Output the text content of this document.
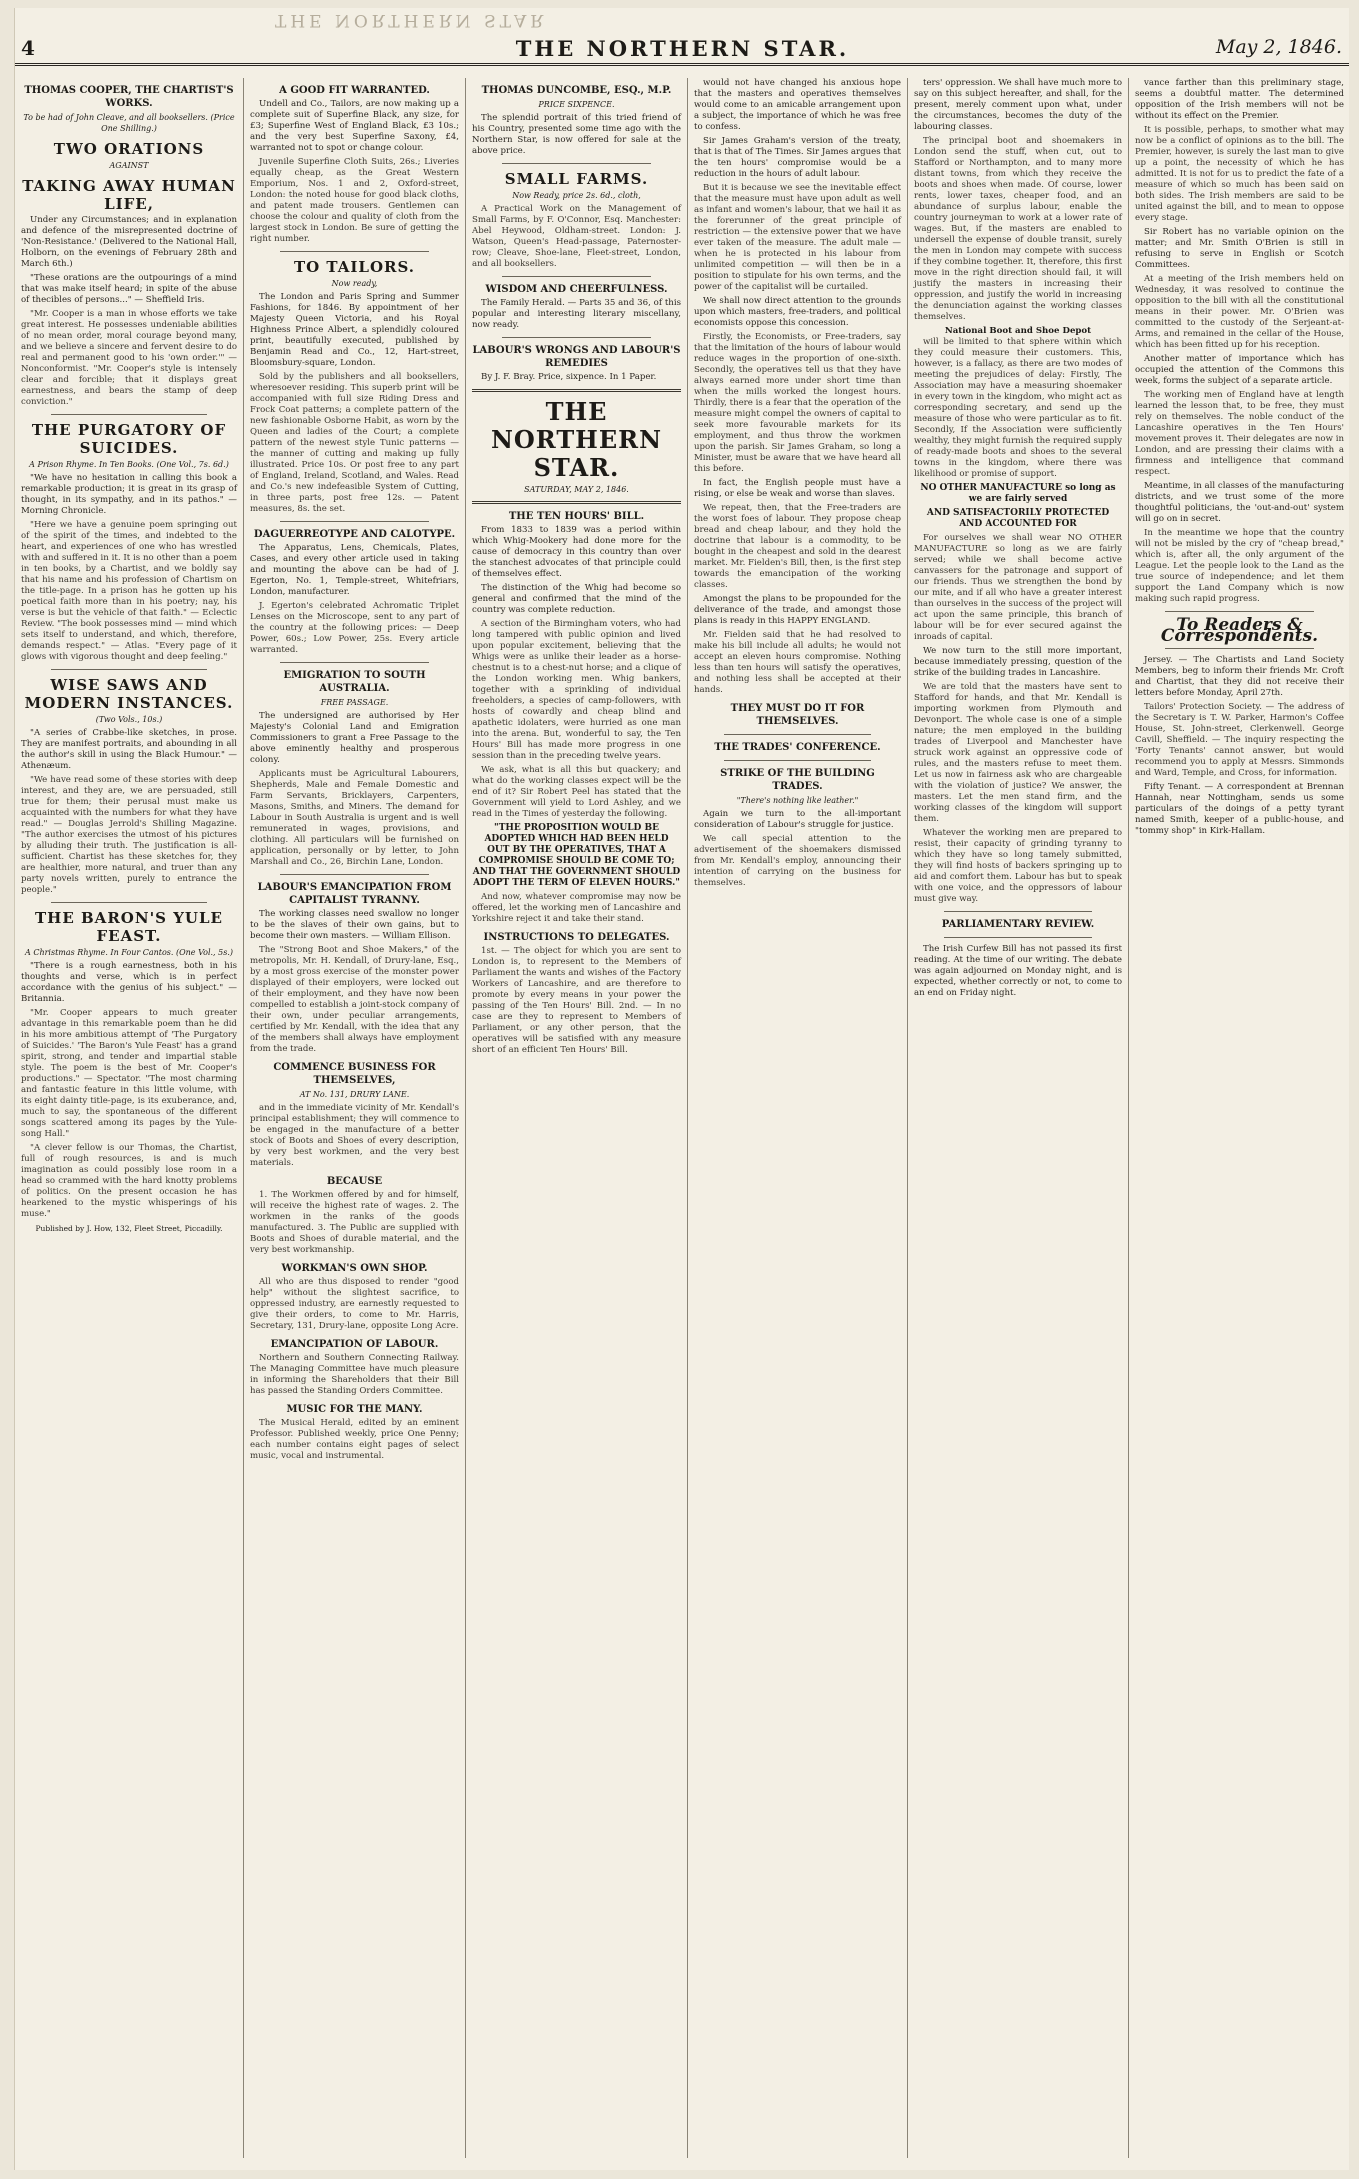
THE NORTHERN STAR
4	THE NORTHERN STAR.	May 2, 1846.
THOMAS COOPER, THE CHARTIST'S WORKS.
To be had of John Cleave, and all booksellers. (Price One Shilling.)
TWO ORATIONS
AGAINST
TAKING AWAY HUMAN LIFE,

Under any Circumstances; and in explanation and defence of the misrepresented doctrine of 'Non-Resistance.' (Delivered to the National Hall, Holborn, on the evenings of February 28th and March 6th.)

"These orations are the outpourings of a mind that was make itself heard; in spite of the abuse of thecibles of persons..." — Sheffield Iris.

"Mr. Cooper is a man in whose efforts we take great interest. He possesses undeniable abilities of no mean order, moral courage beyond many, and we believe a sincere and fervent desire to do real and permanent good to his 'own order.'" — Nonconformist. "Mr. Cooper's style is intensely clear and forcible; that it displays great earnestness, and bears the stamp of deep conviction."

THE PURGATORY OF SUICIDES.
A Prison Rhyme. In Ten Books. (One Vol., 7s. 6d.)

"We have no hesitation in calling this book a remarkable production; it is great in its grasp of thought, in its sympathy, and in its pathos." — Morning Chronicle.

"Here we have a genuine poem springing out of the spirit of the times, and indebted to the heart, and experiences of one who has wrestled with and suffered in it. It is no other than a poem in ten books, by a Chartist, and we boldly say that his name and his profession of Chartism on the title-page. In a prison has he gotten up his poetical faith more than in his poetry; nay, his verse is but the vehicle of that faith." — Eclectic Review. "The book possesses mind — mind which sets itself to understand, and which, therefore, demands respect." — Atlas. "Every page of it glows with vigorous thought and deep feeling."

WISE SAWS AND MODERN INSTANCES.
(Two Vols., 10s.)

"A series of Crabbe-like sketches, in prose. They are manifest portraits, and abounding in all the author's skill in using the Black Humour." — Athenæum.

"We have read some of these stories with deep interest, and they are, we are persuaded, still true for them; their perusal must make us acquainted with the numbers for what they have read." — Douglas Jerrold's Shilling Magazine. "The author exercises the utmost of his pictures by alluding their truth. The justification is all-sufficient. Chartist has these sketches for, they are healthier, more natural, and truer than any party novels written, purely to entrance the people."

THE BARON'S YULE FEAST.
A Christmas Rhyme. In Four Cantos. (One Vol., 5s.)

"There is a rough earnestness, both in his thoughts and verse, which is in perfect accordance with the genius of his subject." — Britannia.

"Mr. Cooper appears to much greater advantage in this remarkable poem than he did in his more ambitious attempt of 'The Purgatory of Suicides.' 'The Baron's Yule Feast' has a grand spirit, strong, and tender and impartial stable style. The poem is the best of Mr. Cooper's productions." — Spectator. "The most charming and fantastic feature in this little volume, with its eight dainty title-page, is its exuberance, and, much to say, the spontaneous of the different songs scattered among its pages by the Yule-song Hall."

"A clever fellow is our Thomas, the Chartist, full of rough resources, is and is much imagination as could possibly lose room in a head so crammed with the hard knotty problems of politics. On the present occasion he has hearkened to the mystic whisperings of his muse."

Published by J. How, 132, Fleet Street, Piccadilly.
A GOOD FIT WARRANTED.

Undell and Co., Tailors, are now making up a complete suit of Superfine Black, any size, for £3; Superfine West of England Black, £3 10s.; and the very best Superfine Saxony, £4, warranted not to spot or change colour.

Juvenile Superfine Cloth Suits, 26s.; Liveries equally cheap, as the Great Western Emporium, Nos. 1 and 2, Oxford-street, London: the noted house for good black cloths, and patent made trousers. Gentlemen can choose the colour and quality of cloth from the largest stock in London. Be sure of getting the right number.

TO TAILORS.
Now ready,

The London and Paris Spring and Summer Fashions, for 1846. By appointment of her Majesty Queen Victoria, and his Royal Highness Prince Albert, a splendidly coloured print, beautifully executed, published by Benjamin Read and Co., 12, Hart-street, Bloomsbury-square, London.

Sold by the publishers and all booksellers, wheresoever residing. This superb print will be accompanied with full size Riding Dress and Frock Coat patterns; a complete pattern of the new fashionable Osborne Habit, as worn by the Queen and ladies of the Court; a complete pattern of the newest style Tunic patterns — the manner of cutting and making up fully illustrated. Price 10s. Or post free to any part of England, Ireland, Scotland, and Wales. Read and Co.'s new indefeasible System of Cutting, in three parts, post free 12s. — Patent measures, 8s. the set.

DAGUERREOTYPE AND CALOTYPE.

The Apparatus, Lens, Chemicals, Plates, Cases, and every other article used in taking and mounting the above can be had of J. Egerton, No. 1, Temple-street, Whitefriars, London, manufacturer.

J. Egerton's celebrated Achromatic Triplet Lenses on the Microscope, sent to any part of the country at the following prices: — Deep Power, 60s.; Low Power, 25s. Every article warranted.

EMIGRATION TO SOUTH AUSTRALIA.
FREE PASSAGE.

The undersigned are authorised by Her Majesty's Colonial Land and Emigration Commissioners to grant a Free Passage to the above eminently healthy and prosperous colony.

Applicants must be Agricultural Labourers, Shepherds, Male and Female Domestic and Farm Servants, Bricklayers, Carpenters, Masons, Smiths, and Miners. The demand for Labour in South Australia is urgent and is well remunerated in wages, provisions, and clothing. All particulars will be furnished on application, personally or by letter, to John Marshall and Co., 26, Birchin Lane, London.

LABOUR'S EMANCIPATION FROM CAPITALIST TYRANNY.

The working classes need swallow no longer to be the slaves of their own gains, but to become their own masters. — William Ellison.

The "Strong Boot and Shoe Makers," of the metropolis, Mr. H. Kendall, of Drury-lane, Esq., by a most gross exercise of the monster power displayed of their employers, were locked out of their employment, and they have now been compelled to establish a joint-stock company of their own, under peculiar arrangements, certified by Mr. Kendall, with the idea that any of the members shall always have employment from the trade.

COMMENCE BUSINESS FOR THEMSELVES,
AT No. 131, DRURY LANE.

and in the immediate vicinity of Mr. Kendall's principal establishment; they will commence to be engaged in the manufacture of a better stock of Boots and Shoes of every description, by very best workmen, and the very best materials.

BECAUSE

1. The Workmen offered by and for himself, will receive the highest rate of wages. 2. The workmen in the ranks of the goods manufactured. 3. The Public are supplied with Boots and Shoes of durable material, and the very best workmanship.

WORKMAN'S OWN SHOP.

All who are thus disposed to render "good help" without the slightest sacrifice, to oppressed industry, are earnestly requested to give their orders, to come to Mr. Harris, Secretary, 131, Drury-lane, opposite Long Acre.

EMANCIPATION OF LABOUR.

Northern and Southern Connecting Railway. The Managing Committee have much pleasure in informing the Shareholders that their Bill has passed the Standing Orders Committee.

MUSIC FOR THE MANY.

The Musical Herald, edited by an eminent Professor. Published weekly, price One Penny; each number contains eight pages of select music, vocal and instrumental.

THOMAS DUNCOMBE, ESQ., M.P.
PRICE SIXPENCE.

The splendid portrait of this tried friend of his Country, presented some time ago with the Northern Star, is now offered for sale at the above price.

SMALL FARMS.
Now Ready, price 2s. 6d., cloth,

A Practical Work on the Management of Small Farms, by F. O'Connor, Esq. Manchester: Abel Heywood, Oldham-street. London: J. Watson, Queen's Head-passage, Paternoster-row; Cleave, Shoe-lane, Fleet-street, London, and all booksellers.

WISDOM AND CHEERFULNESS.

The Family Herald. — Parts 35 and 36, of this popular and interesting literary miscellany, now ready.

LABOUR'S WRONGS AND LABOUR'S REMEDIES

By J. F. Bray. Price, sixpence. In 1 Paper.

THE NORTHERN STAR.
SATURDAY, MAY 2, 1846.
THE TEN HOURS' BILL.

From 1833 to 1839 was a period within which Whig-Mookery had done more for the cause of democracy in this country than over the stanchest advocates of that principle could of themselves effect.

The distinction of the Whig had become so general and confirmed that the mind of the country was complete reduction.

A section of the Birmingham voters, who had long tampered with public opinion and lived upon popular excitement, believing that the Whigs were as unlike their leader as a horse-chestnut is to a chest-nut horse; and a clique of the London working men. Whig bankers, together with a sprinkling of individual freeholders, a species of camp-followers, with hosts of cowardly and cheap blind and apathetic idolaters, were hurried as one man into the arena. But, wonderful to say, the Ten Hours' Bill has made more progress in one session than in the preceding twelve years.

We ask, what is all this but quackery; and what do the working classes expect will be the end of it? Sir Robert Peel has stated that the Government will yield to Lord Ashley, and we read in the Times of yesterday the following.

"THE PROPOSITION WOULD BE ADOPTED WHICH HAD BEEN HELD OUT BY THE OPERATIVES, THAT A COMPROMISE SHOULD BE COME TO; AND THAT THE GOVERNMENT SHOULD ADOPT THE TERM OF ELEVEN HOURS."

And now, whatever compromise may now be offered, let the working men of Lancashire and Yorkshire reject it and take their stand.

INSTRUCTIONS TO DELEGATES.

1st. — The object for which you are sent to London is, to represent to the Members of Parliament the wants and wishes of the Factory Workers of Lancashire, and are therefore to promote by every means in your power the passing of the Ten Hours' Bill. 2nd. — In no case are they to represent to Members of Parliament, or any other person, that the operatives will be satisfied with any measure short of an efficient Ten Hours' Bill.

would not have changed his anxious hope that the masters and operatives themselves would come to an amicable arrangement upon a subject, the importance of which he was free to confess.

Sir James Graham's version of the treaty, that is that of The Times. Sir James argues that the ten hours' compromise would be a reduction in the hours of adult labour.

But it is because we see the inevitable effect that the measure must have upon adult as well as infant and women's labour, that we hail it as the forerunner of the great principle of restriction — the extensive power that we have ever taken of the measure. The adult male — when he is protected in his labour from unlimited competition — will then be in a position to stipulate for his own terms, and the power of the capitalist will be curtailed.

We shall now direct attention to the grounds upon which masters, free-traders, and political economists oppose this concession.

Firstly, the Economists, or Free-traders, say that the limitation of the hours of labour would reduce wages in the proportion of one-sixth. Secondly, the operatives tell us that they have always earned more under short time than when the mills worked the longest hours. Thirdly, there is a fear that the operation of the measure might compel the owners of capital to seek more favourable markets for its employment, and thus throw the workmen upon the parish. Sir James Graham, so long a Minister, must be aware that we have heard all this before.

In fact, the English people must have a rising, or else be weak and worse than slaves.

We repeat, then, that the Free-traders are the worst foes of labour. They propose cheap bread and cheap labour, and they hold the doctrine that labour is a commodity, to be bought in the cheapest and sold in the dearest market. Mr. Fielden's Bill, then, is the first step towards the emancipation of the working classes.

Amongst the plans to be propounded for the deliverance of the trade, and amongst those plans is ready in this HAPPY ENGLAND.

Mr. Fielden said that he had resolved to make his bill include all adults; he would not accept an eleven hours compromise. Nothing less than ten hours will satisfy the operatives, and nothing less shall be accepted at their hands.

THEY MUST DO IT FOR THEMSELVES.
THE TRADES' CONFERENCE.
STRIKE OF THE BUILDING TRADES.
"There's nothing like leather."

Again we turn to the all-important consideration of Labour's struggle for justice.

We call special attention to the advertisement of the shoemakers dismissed from Mr. Kendall's employ, announcing their intention of carrying on the business for themselves.

ters' oppression. We shall have much more to say on this subject hereafter, and shall, for the present, merely comment upon what, under the circumstances, becomes the duty of the labouring classes.

The principal boot and shoemakers in London send the stuff, when cut, out to Stafford or Northampton, and to many more distant towns, from which they receive the boots and shoes when made. Of course, lower rents, lower taxes, cheaper food, and an abundance of surplus labour, enable the country journeyman to work at a lower rate of wages. But, if the masters are enabled to undersell the expense of double transit, surely the men in London may compete with success if they combine together. It, therefore, this first move in the right direction should fail, it will justify the masters in increasing their oppression, and justify the world in increasing the denunciation against the working classes themselves.

National Boot and Shoe Depot

will be limited to that sphere within which they could measure their customers. This, however, is a fallacy, as there are two modes of meeting the prejudices of delay: Firstly, The Association may have a measuring shoemaker in every town in the kingdom, who might act as corresponding secretary, and send up the measure of those who were particular as to fit. Secondly, If the Association were sufficiently wealthy, they might furnish the required supply of ready-made boots and shoes to the several towns in the kingdom, where there was likelihood or promise of support.

NO OTHER MANUFACTURE so long as we are fairly served

AND SATISFACTORILY PROTECTED AND ACCOUNTED FOR

For ourselves we shall wear NO OTHER MANUFACTURE so long as we are fairly served; while we shall become active canvassers for the patronage and support of our friends. Thus we strengthen the bond by our mite, and if all who have a greater interest than ourselves in the success of the project will act upon the same principle, this branch of labour will be for ever secured against the inroads of capital.

We now turn to the still more important, because immediately pressing, question of the strike of the building trades in Lancashire.

We are told that the masters have sent to Stafford for hands, and that Mr. Kendall is importing workmen from Plymouth and Devonport. The whole case is one of a simple nature; the men employed in the building trades of Liverpool and Manchester have struck work against an oppressive code of rules, and the masters refuse to meet them. Let us now in fairness ask who are chargeable with the violation of justice? We answer, the masters. Let the men stand firm, and the working classes of the kingdom will support them.

Whatever the working men are prepared to resist, their capacity of grinding tyranny to which they have so long tamely submitted, they will find hosts of backers springing up to aid and comfort them. Labour has but to speak with one voice, and the oppressors of labour must give way.

PARLIAMENTARY REVIEW.

The Irish Curfew Bill has not passed its first reading. At the time of our writing. The debate was again adjourned on Monday night, and is expected, whether correctly or not, to come to an end on Friday night.

vance farther than this preliminary stage, seems a doubtful matter. The determined opposition of the Irish members will not be without its effect on the Premier.

It is possible, perhaps, to smother what may now be a conflict of opinions as to the bill. The Premier, however, is surely the last man to give up a point, the necessity of which he has admitted. It is not for us to predict the fate of a measure of which so much has been said on both sides. The Irish members are said to be united against the bill, and to mean to oppose every stage.

Sir Robert has no variable opinion on the matter; and Mr. Smith O'Brien is still in refusing to serve in English or Scotch Committees.

At a meeting of the Irish members held on Wednesday, it was resolved to continue the opposition to the bill with all the constitutional means in their power. Mr. O'Brien was committed to the custody of the Serjeant-at-Arms, and remained in the cellar of the House, which has been fitted up for his reception.

Another matter of importance which has occupied the attention of the Commons this week, forms the subject of a separate article.

The working men of England have at length learned the lesson that, to be free, they must rely on themselves. The noble conduct of the Lancashire operatives in the Ten Hours' movement proves it. Their delegates are now in London, and are pressing their claims with a firmness and intelligence that command respect.

Meantime, in all classes of the manufacturing districts, and we trust some of the more thoughtful politicians, the 'out-and-out' system will go on in secret.

In the meantime we hope that the country will not be misled by the cry of "cheap bread," which is, after all, the only argument of the League. Let the people look to the Land as the true source of independence; and let them support the Land Company which is now making such rapid progress.

To Readers & Correspondents.

Jersey. — The Chartists and Land Society Members, beg to inform their friends Mr. Croft and Chartist, that they did not receive their letters before Monday, April 27th.

Tailors' Protection Society. — The address of the Secretary is T. W. Parker, Harmon's Coffee House, St. John-street, Clerkenwell. George Cavill, Sheffield. — The inquiry respecting the 'Forty Tenants' cannot answer, but would recommend you to apply at Messrs. Simmonds and Ward, Temple, and Cross, for information.

Fifty Tenant. — A correspondent at Brennan Hannah, near Nottingham, sends us some particulars of the doings of a petty tyrant named Smith, keeper of a public-house, and "tommy shop" in Kirk-Hallam.
